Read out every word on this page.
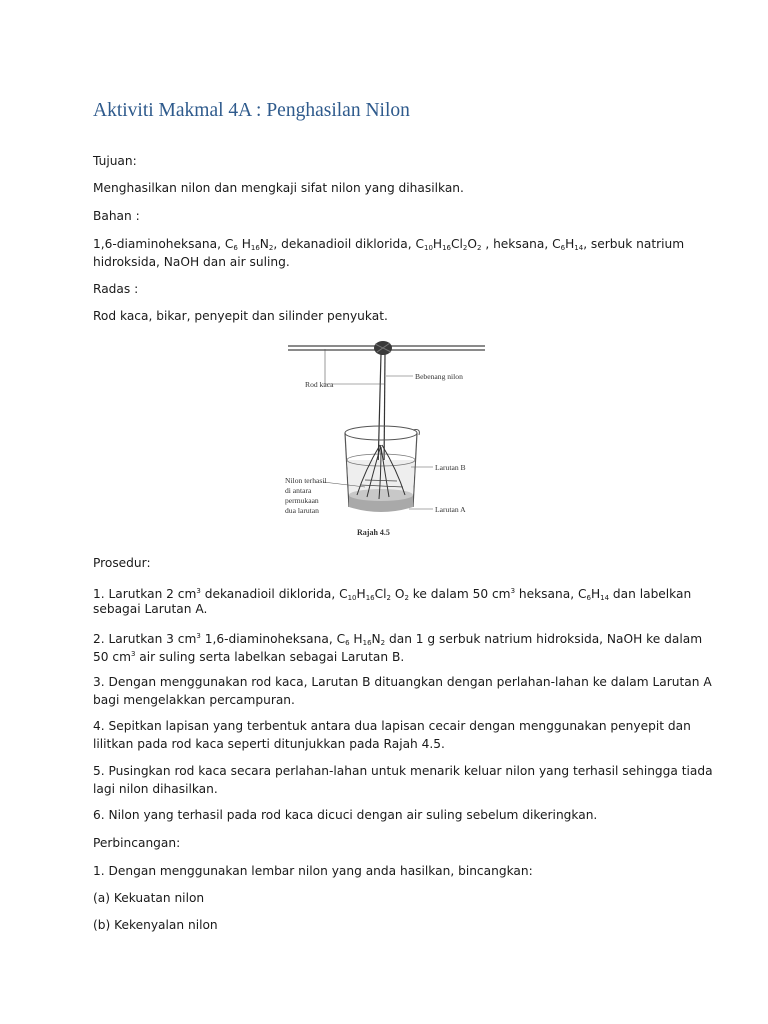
Aktiviti Makmal 4A : Penghasilan Nilon
Tujuan:
Menghasilkan nilon dan mengkaji sifat nilon yang dihasilkan.
Bahan :
1,6-diaminoheksana, $C_6$ $H_{16}N_2$, dekanadioil diklorida, $C_{10}H_{16}Cl_2O_2$ , heksana, $C_6H_{14}$, serbuk natrium
hidroksida, NaOH dan air suling.
Radas :
Rod kaca, bikar, penyepit dan silinder penyukat.
Rod kaca
Bebenang nilon
Larutan B
Larutan A
Nilon terhasil
di antara
permukaan
dua larutan
Rajah 4.5
Prosedur:
1. Larutkan 2 $cm^3$ dekanadioil diklorida, $C_{10}H_{16}Cl_2$ $O_2$ ke dalam 50 $cm^3$ heksana, $C_6H_{14}$ dan labelkan
sebagai Larutan A.
2. Larutkan 3 $cm^3$ 1,6-diaminoheksana, $C_6$ $H_{16}N_2$ dan 1 g serbuk natrium hidroksida, NaOH ke dalam
50 $cm^3$ air suling serta labelkan sebagai Larutan B.
3. Dengan menggunakan rod kaca, Larutan B dituangkan dengan perlahan-lahan ke dalam Larutan A
bagi mengelakkan percampuran.
4. Sepitkan lapisan yang terbentuk antara dua lapisan cecair dengan menggunakan penyepit dan
lilitkan pada rod kaca seperti ditunjukkan pada Rajah 4.5.
5. Pusingkan rod kaca secara perlahan-lahan untuk menarik keluar nilon yang terhasil sehingga tiada
lagi nilon dihasilkan.
6. Nilon yang terhasil pada rod kaca dicuci dengan air suling sebelum dikeringkan.
Perbincangan:
1. Dengan menggunakan lembar nilon yang anda hasilkan, bincangkan:
(a) Kekuatan nilon
(b) Kekenyalan nilon
